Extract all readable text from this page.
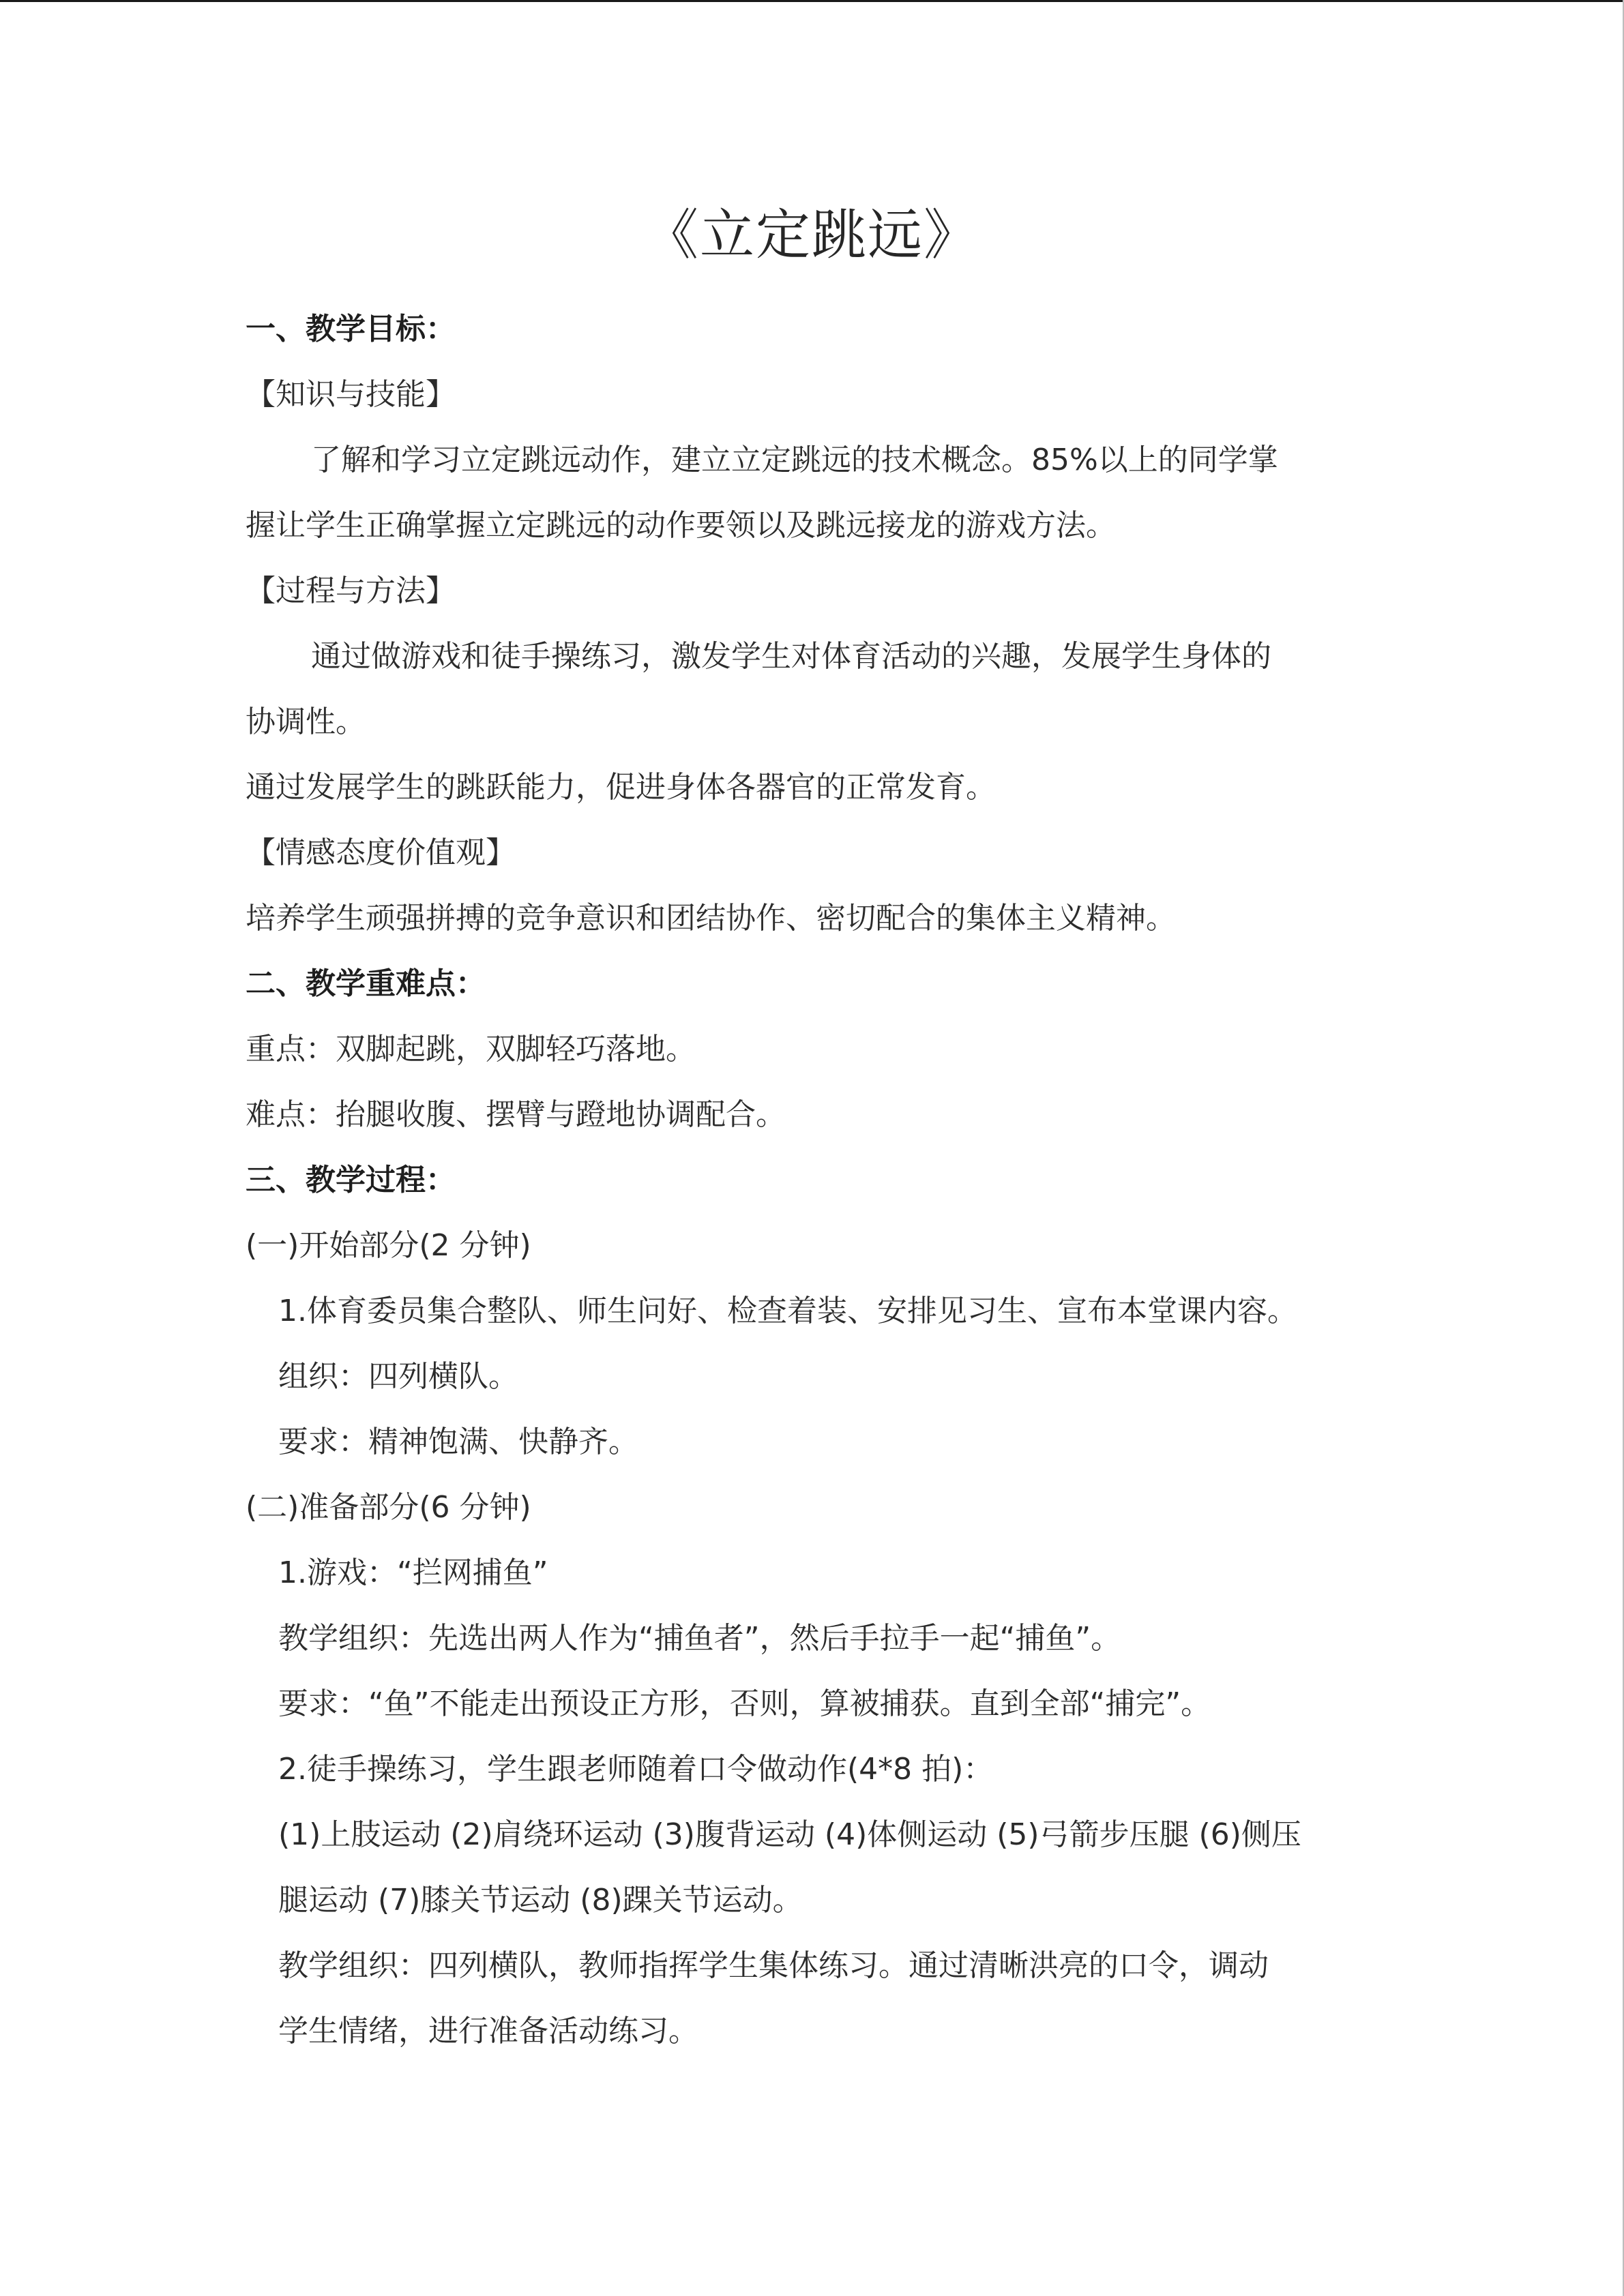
《立定跳远》
一、教学目标：
【知识与技能】
了解和学习立定跳远动作，建立立定跳远的技术概念。85%以上的同学掌
握让学生正确掌握立定跳远的动作要领以及跳远接龙的游戏方法。
【过程与方法】
通过做游戏和徒手操练习，激发学生对体育活动的兴趣，发展学生身体的
协调性。
通过发展学生的跳跃能力，促进身体各器官的正常发育。
【情感态度价值观】
培养学生顽强拼搏的竞争意识和团结协作、密切配合的集体主义精神。
二、教学重难点：
重点：双脚起跳，双脚轻巧落地。
难点：抬腿收腹、摆臂与蹬地协调配合。
三、教学过程：
(一)开始部分(2 分钟)
1.体育委员集合整队、师生问好、检查着装、安排见习生、宣布本堂课内容。
组织：四列横队。
要求：精神饱满、快静齐。
(二)准备部分(6 分钟)
1.游戏：“拦网捕鱼”
教学组织：先选出两人作为“捕鱼者”，然后手拉手一起“捕鱼”。
要求：“鱼”不能走出预设正方形，否则，算被捕获。直到全部“捕完”。
2.徒手操练习，学生跟老师随着口令做动作(4*8 拍)：
(1)上肢运动 (2)肩绕环运动 (3)腹背运动 (4)体侧运动 (5)弓箭步压腿 (6)侧压
腿运动 (7)膝关节运动 (8)踝关节运动。
教学组织：四列横队，教师指挥学生集体练习。通过清晰洪亮的口令，调动
学生情绪，进行准备活动练习。
